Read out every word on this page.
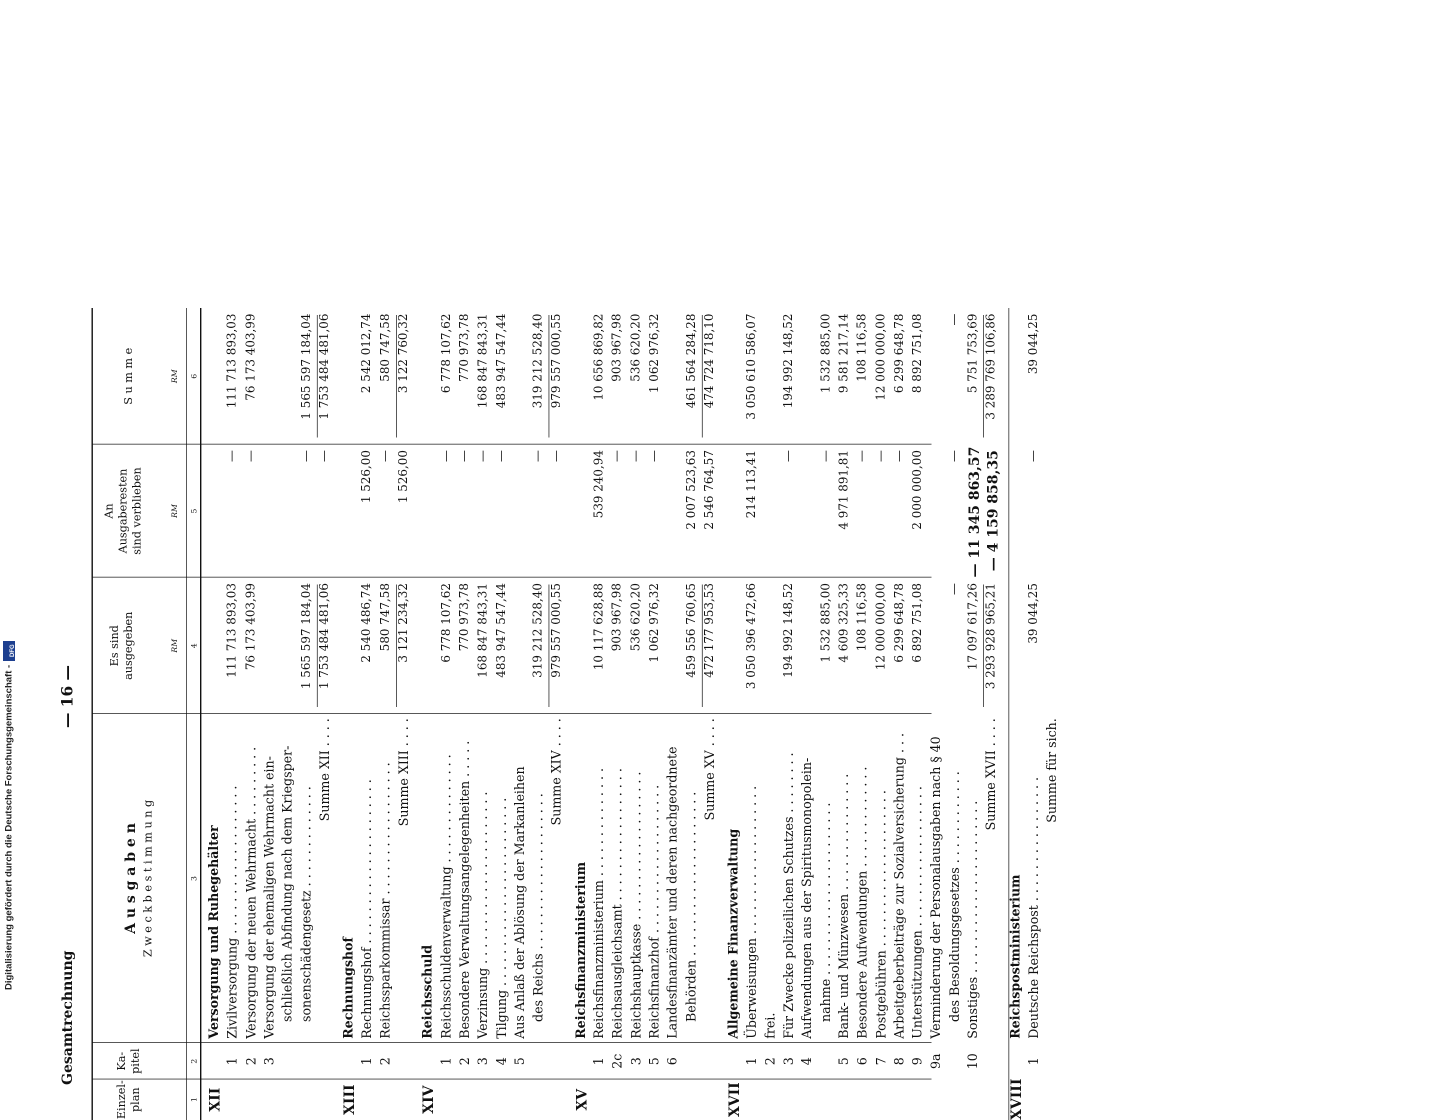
Digitalisierung gefördert durch die Deutsche Forschungsgemeinschaft -
DFG
Gesamtrechnung
— 16 —
Einzel- plan
Ka- pitel
A u s g a b e n Z w e c k b e s t i m m u n g
Es sind ausgegeben
An Ausgaberesten sind verblieben
S u m m e
RM
RM
RM
1
2
3
4
5
6
XII
Versorgung und Ruhegehälter
1
Zivilversorgung . . . . . . . . . . . . . . . . . . .
111 713 893,03
—
111 713 893,03
2
Versorgung der neuen Wehrmacht . . . . . . . . .
76 173 403,99
—
76 173 403,99
3
Versorgung der ehemaligen Wehrmacht ein- schließlich Abfindung nach dem Kriegsper- sonenschädengesetz . . . . . . . . . . . . .
1 565 597 184,04
—
1 565 597 184,04
Summe XII . . . .
1 753 484 481,06
—
1 753 484 481,06
XIII
Rechnungshof
1
Rechnungshof . . . . . . . . . . . . . . . . . . . . .
2 540 486,74
1 526,00
2 542 012,74
2
Reichssparkommissar . . . . . . . . . . . . . . . . .
580 747,58
—
580 747,58
Summe XIII . . . .
3 121 234,32
1 526,00
3 122 760,32
XIV
Reichsschuld
1
Reichsschuldenverwaltung . . . . . . . . . . . . . .
6 778 107,62
—
6 778 107,62
2
Besondere Verwaltungsangelegenheiten . . . . .
770 973,78
—
770 973,78
3
Verzinsung . . . . . . . . . . . . . . . . . . . . . .
168 847 843,31
—
168 847 843,31
4
Tilgung . . . . . . . . . . . . . . . . . . . . . . . .
483 947 547,44
—
483 947 547,44
5
Aus Anlaß der Ablösung der Markanleihen des Reichs . . . . . . . . . . . . . . . . . . . .
319 212 528,40
—
319 212 528,40
Summe XIV . . . .
979 557 000,55
—
979 557 000,55
XV
Reichsfinanzministerium
1
Reichsfinanzministerium . . . . . . . . . . . . . .
10 117 628,88
539 240,94
10 656 869,82
2c
Reichsausgleichsamt . . . . . . . . . . . . . . . . .
903 967,98
—
903 967,98
3
Reichshauptkasse . . . . . . . . . . . . . . . . . . .
536 620,20
—
536 620,20
5
Reichsfinanzhof . . . . . . . . . . . . . . . . . . .
1 062 976,32
—
1 062 976,32
6
Landesfinanzämter und deren nachgeordnete Behörden . . . . . . . . . . . . . . . . . . . . .
459 556 760,65
2 007 523,63
461 564 284,28
Summe XV . . . .
472 177 953,53
2 546 764,57
474 724 718,10
XVII
Allgemeine Finanzverwaltung
1
Überweisungen . . . . . . . . . . . . . . . . . . .
3 050 396 472,66
214 113,41
3 050 610 586,07
2
frei.
3
Für Zwecke polizeilichen Schutzes . . . . . . . .
194 992 148,52
—
194 992 148,52
4
Aufwendungen aus der Spiritusmonopolein- nahme . . . . . . . . . . . . . . . . . . . . . .
1 532 885,00
—
1 532 885,00
5
Bank- und Münzwesen . . . . . . . . . . . . . . .
4 609 325,33
4 971 891,81
9 581 217,14
6
Besondere Aufwendungen . . . . . . . . . . . . .
108 116,58
—
108 116,58
7
Postgebühren . . . . . . . . . . . . . . . . . . . .
12 000 000,00
—
12 000 000,00
8
Arbeitgeberbeiträge zur Sozialversicherung . . .
6 299 648,78
—
6 299 648,78
9
Unterstützungen . . . . . . . . . . . . . . . . . .
6 892 751,08
2 000 000,00
8 892 751,08
9a
Verminderung der Personalausgaben nach § 40 des Besoldungsgesetzes . . . . . . . . . . . .
—
—
—
10
Sonstiges . . . . . . . . . . . . . . . . . . . . . .
17 097 617,26
— 11 345 863,57
5 751 753,69
Summe XVII . . . .
3 293 928 965,21
— 4 159 858,35
3 289 769 106,86
XVIII
Reichspostministerium
1
Deutsche Reichspost . . . . . . . . . . . . . . . .
39 044,25
—
39 044,25
Summe für sich.
